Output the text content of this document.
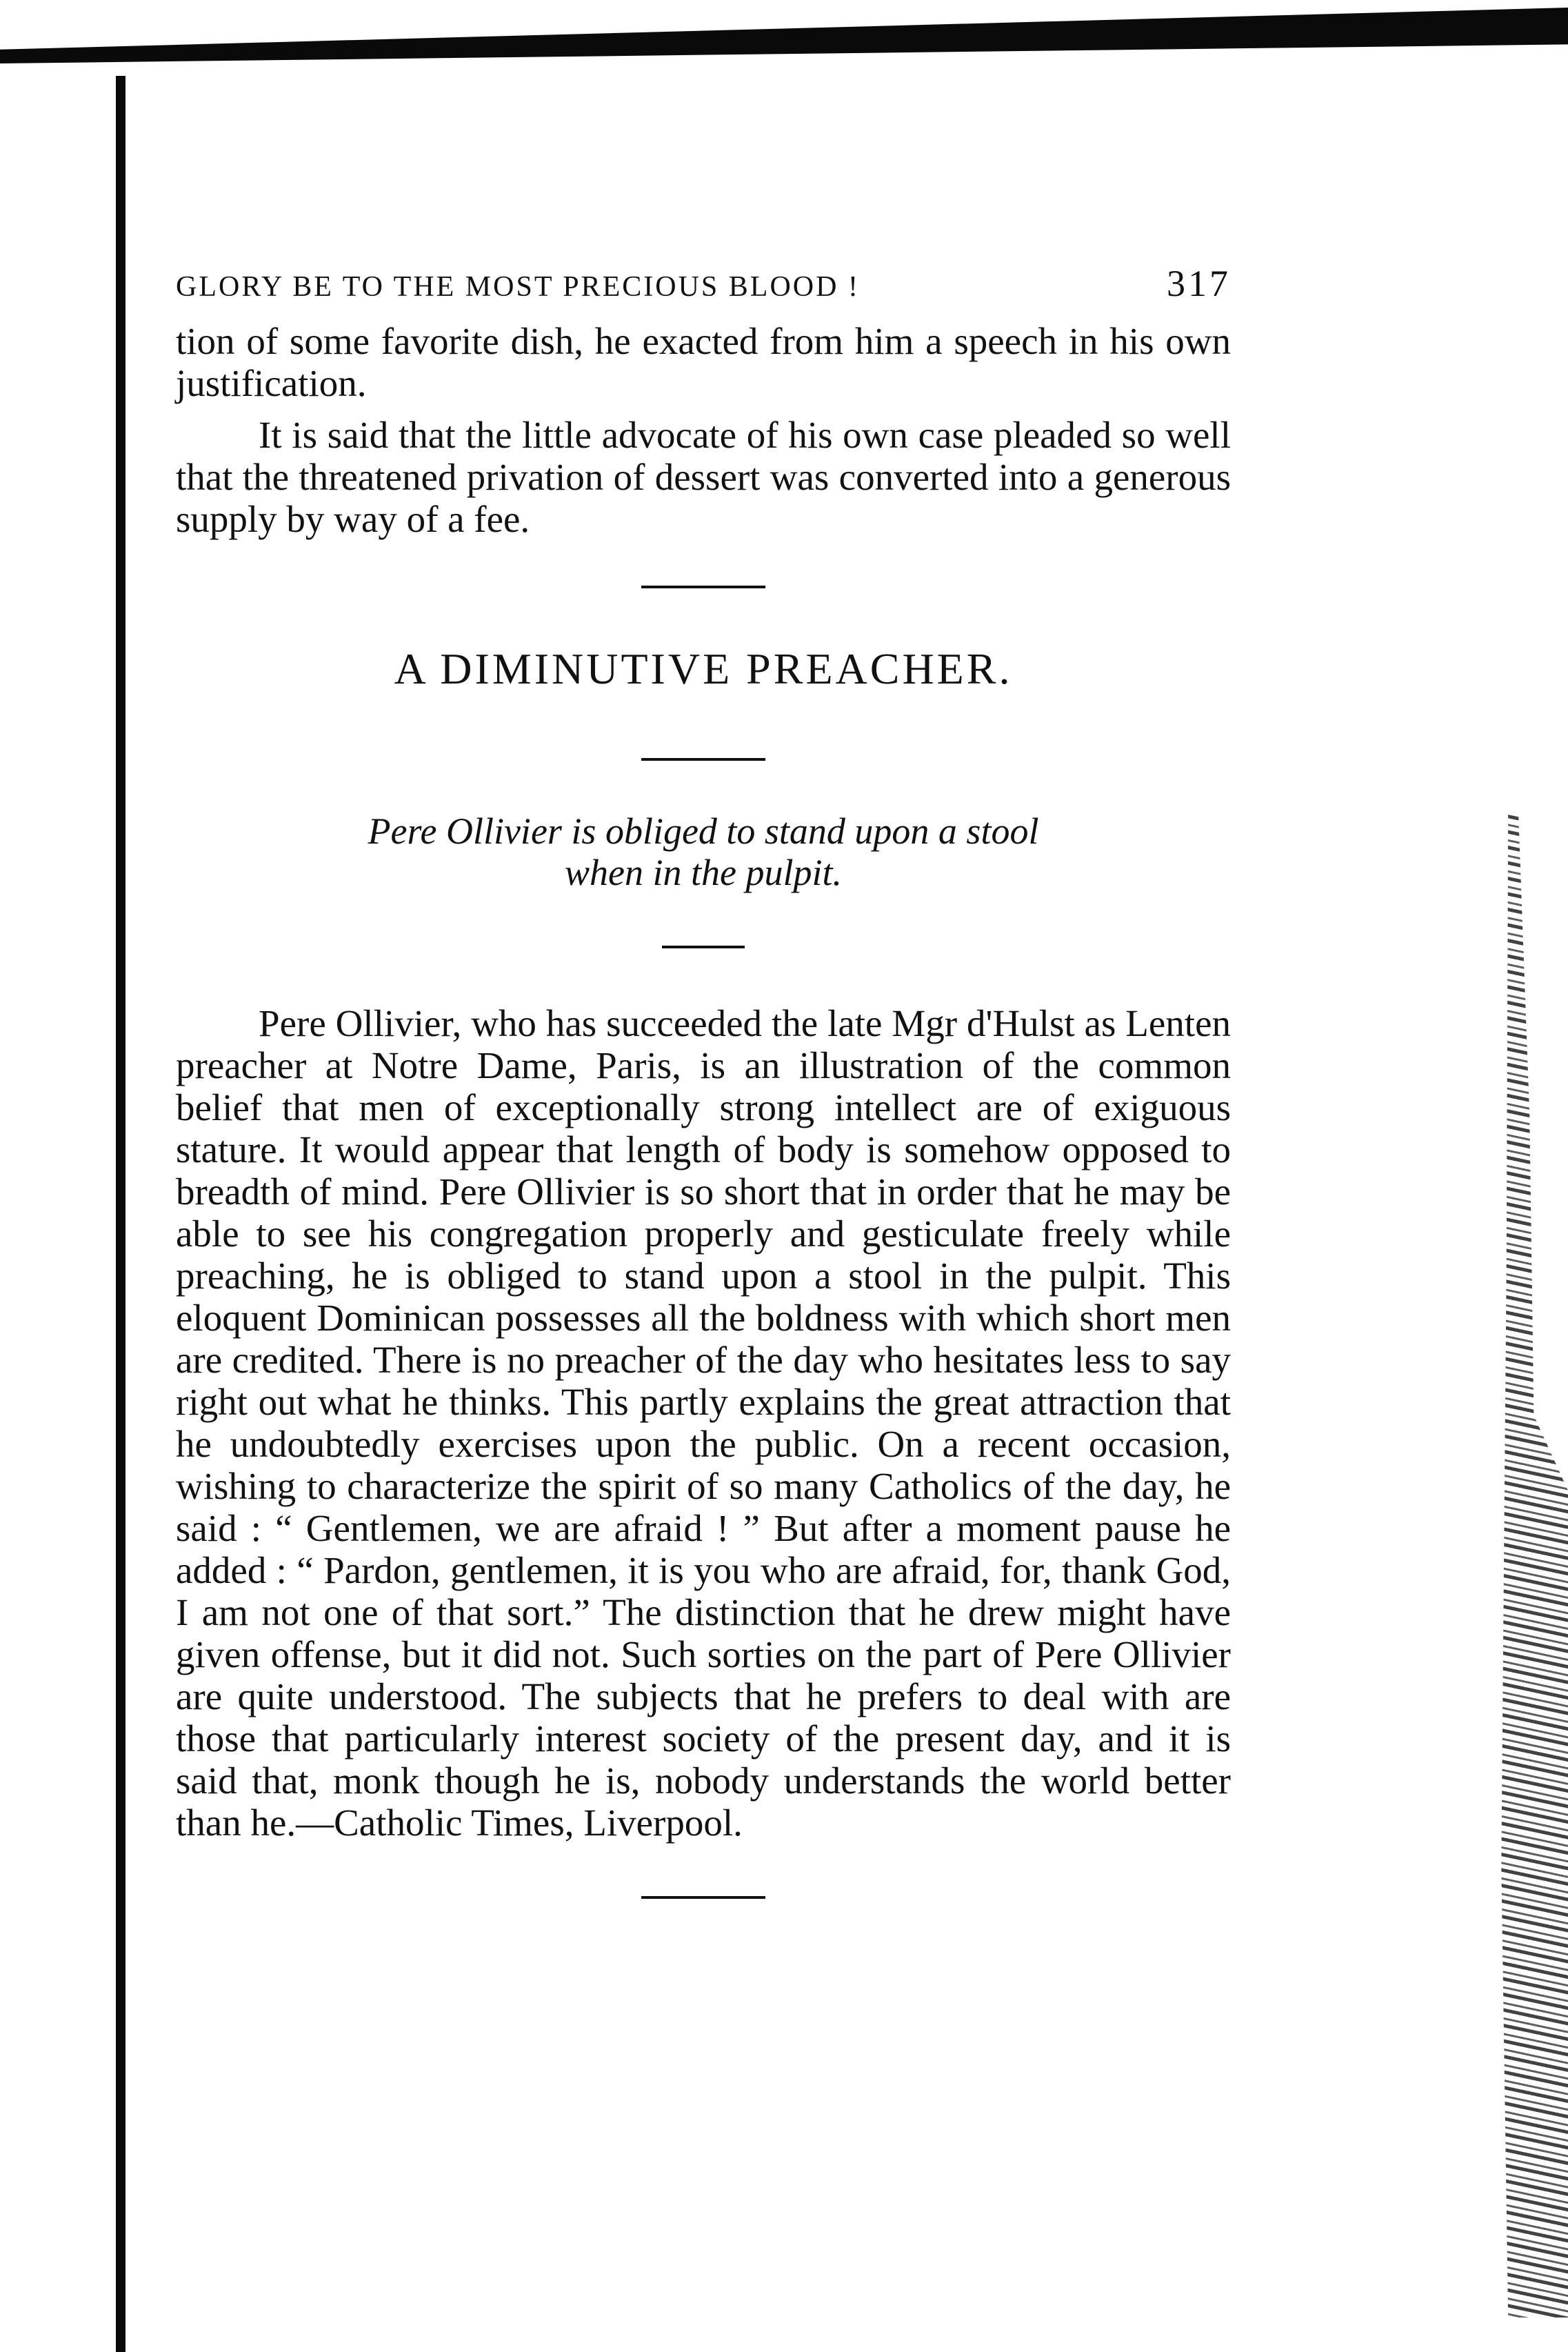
GLORY BE TO THE MOST PRECIOUS BLOOD !	317

tion of some favorite dish, he exacted from him a speech in his own justification.

It is said that the little advocate of his own case pleaded so well that the threatened privation of dessert was converted into a generous supply by way of a fee.

A DIMINUTIVE PREACHER.
Pere Ollivier is obliged to stand upon a stool
when in the pulpit.

Pere Ollivier, who has succeeded the late Mgr d'Hulst as Lenten preacher at Notre Dame, Paris, is an illustration of the common belief that men of exceptionally strong intellect are of exiguous stature. It would appear that length of body is somehow opposed to breadth of mind. Pere Ollivier is so short that in order that he may be able to see his congregation properly and gesticulate freely while preaching, he is obliged to stand upon a stool in the pulpit. This eloquent Dominican possesses all the boldness with which short men are credited. There is no preacher of the day who hesitates less to say right out what he thinks. This partly explains the great attraction that he undoubtedly exercises upon the public. On a recent occasion, wishing to characterize the spirit of so many Catholics of the day, he said : “ Gentlemen, we are afraid ! ” But after a moment pause he added : “ Pardon, gentlemen, it is you who are afraid, for, thank God, I am not one of that sort.” The distinction that he drew might have given offense, but it did not. Such sorties on the part of Pere Ollivier are quite understood. The subjects that he prefers to deal with are those that particularly interest society of the present day, and it is said that, monk though he is, nobody understands the world better than he.—Catholic Times, Liverpool.
